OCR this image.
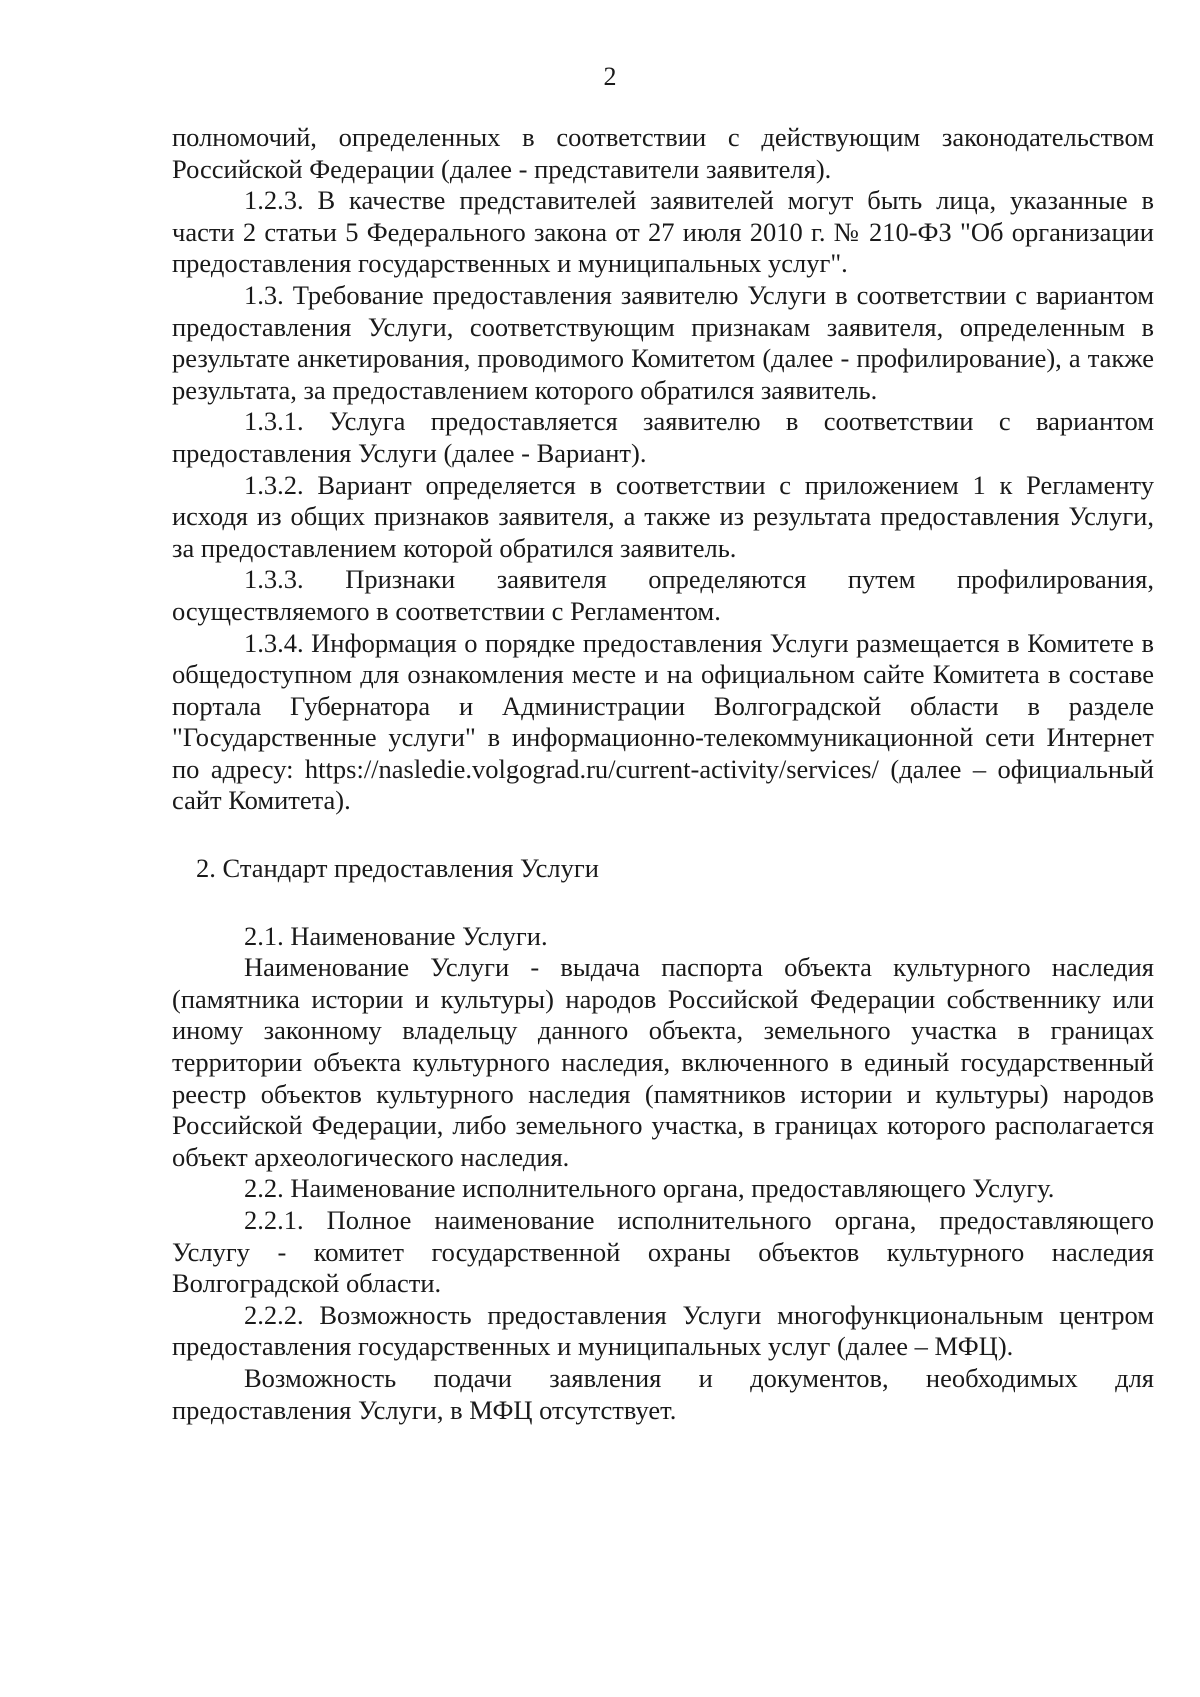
2

полномочий, определенных в соответствии с действующим законодательством Российской Федерации (далее - представители заявителя).

1.2.3. В качестве представителей заявителей могут быть лица, указанные в части 2 статьи 5 Федерального закона от 27 июля 2010 г. № 210-ФЗ "Об организации предоставления государственных и муниципальных услуг".

1.3. Требование предоставления заявителю Услуги в соответствии с вариантом предоставления Услуги, соответствующим признакам заявителя, определенным в результате анкетирования, проводимого Комитетом (далее - профилирование), а также результата, за предоставлением которого обратился заявитель.

1.3.1. Услуга предоставляется заявителю в соответствии с вариантом предоставления Услуги (далее - Вариант).

1.3.2. Вариант определяется в соответствии с приложением 1 к Регламенту исходя из общих признаков заявителя, а также из результата предоставления Услуги, за предоставлением которой обратился заявитель.

1.3.3. Признаки заявителя определяются путем профилирования, осуществляемого в соответствии с Регламентом.

1.3.4. Информация о порядке предоставления Услуги размещается в Комитете в общедоступном для ознакомления месте и на официальном сайте Комитета в составе портала Губернатора и Администрации Волгоградской области в разделе "Государственные услуги" в информационно-телекоммуникационной сети Интернет по адресу: https://nasledie.volgograd.ru/current-activity/services/ (далее – официальный сайт Комитета).

2. Стандарт предоставления Услуги

2.1. Наименование Услуги.

Наименование Услуги - выдача паспорта объекта культурного наследия (памятника истории и культуры) народов Российской Федерации собственнику или иному законному владельцу данного объекта, земельного участка в границах территории объекта культурного наследия, включенного в единый государственный реестр объектов культурного наследия (памятников истории и культуры) народов Российской Федерации, либо земельного участка, в границах которого располагается объект археологического наследия.

2.2. Наименование исполнительного органа, предоставляющего Услугу.

2.2.1. Полное наименование исполнительного органа, предоставляющего Услугу - комитет государственной охраны объектов культурного наследия Волгоградской области.

2.2.2. Возможность предоставления Услуги многофункциональным центром предоставления государственных и муниципальных услуг (далее – МФЦ).

Возможность подачи заявления и документов, необходимых для предоставления Услуги, в МФЦ отсутствует.
